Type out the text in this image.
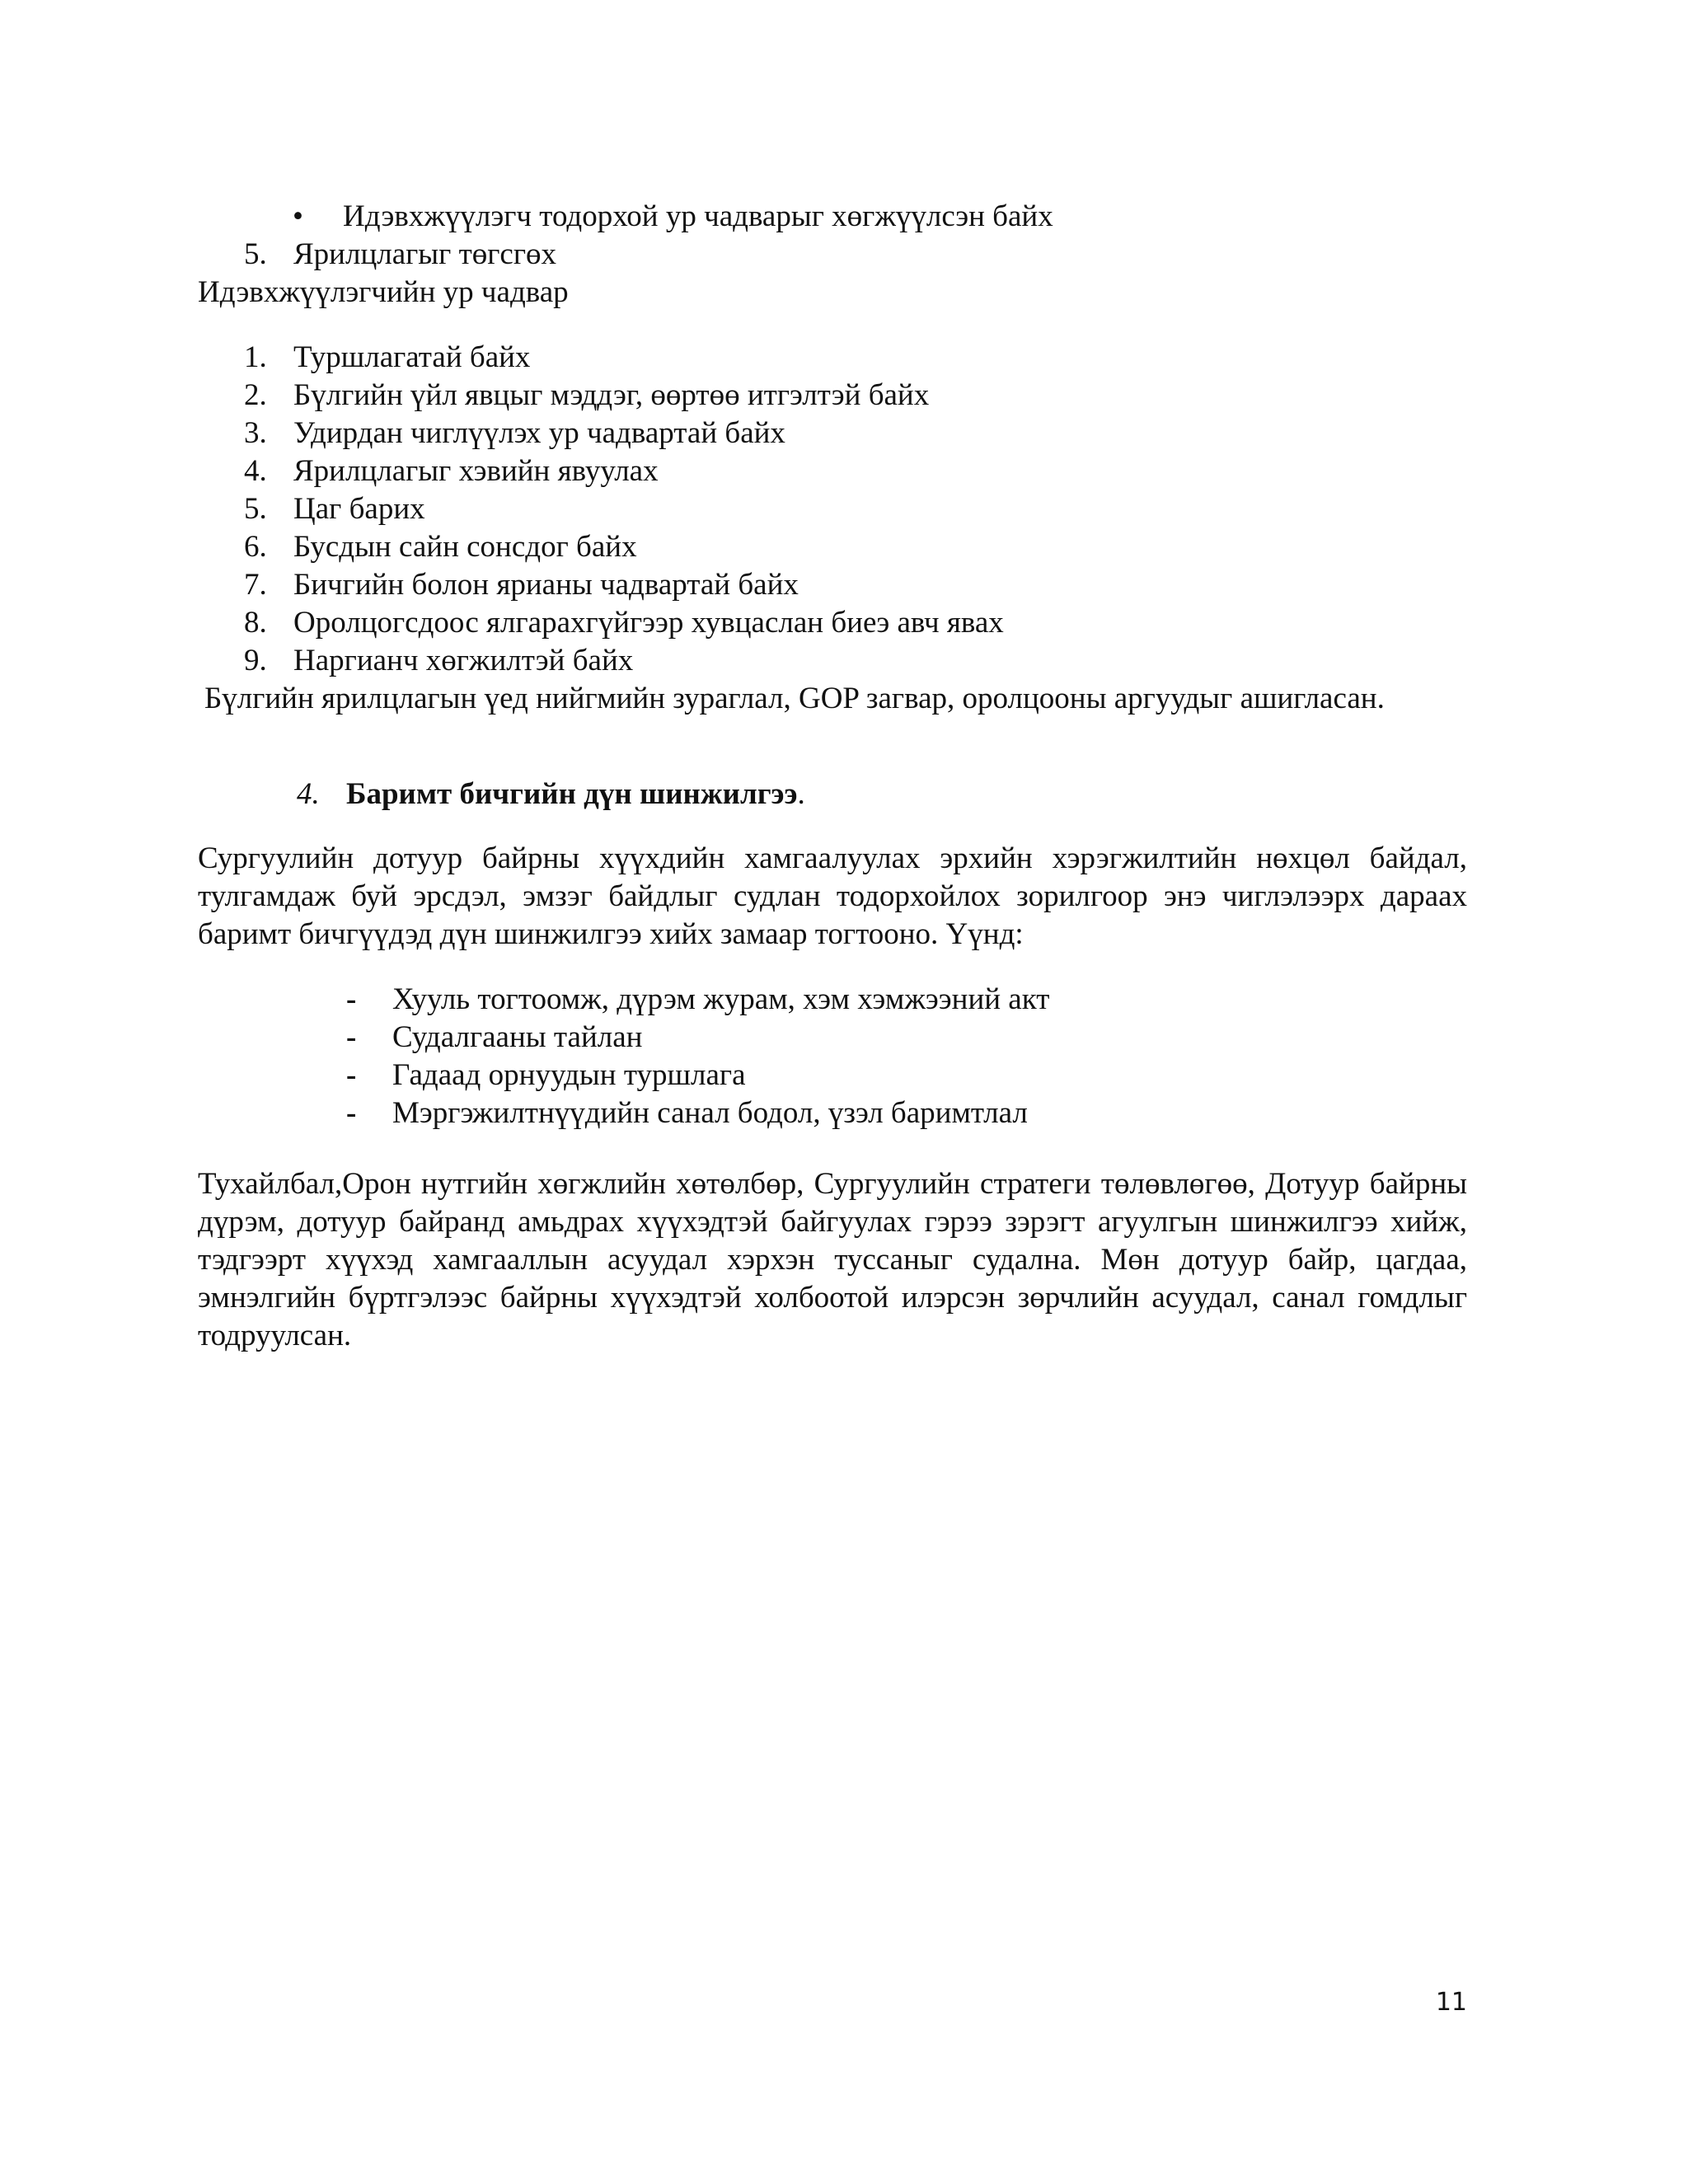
• Идэвхжүүлэгч тодорхой ур чадварыг хөгжүүлсэн байх
5. Ярилцлагыг төгсгөх
Идэвхжүүлэгчийн ур чадвар
1. Туршлагатай байх
2. Бүлгийн үйл явцыг мэддэг, өөртөө итгэлтэй байх
3. Удирдан чиглүүлэх ур чадвартай байх
4. Ярилцлагыг хэвийн явуулах
5. Цаг барих
6. Бусдын сайн сонсдог байх
7. Бичгийн болон ярианы чадвартай байх
8. Оролцогсдоос ялгарахгүйгээр хувцаслан биеэ авч явах
9. Наргианч хөгжилтэй байх

Бүлгийн ярилцлагын үед нийгмийн зураглал, GOP загвар, оролцооны аргуудыг ашигласан.

4. Баримт бичгийн дүн шинжилгээ.

Сургуулийн дотуур байрны хүүхдийн хамгаалуулах эрхийн хэрэгжилтийн нөхцөл байдал, тулгамдаж буй эрсдэл, эмзэг байдлыг судлан тодорхойлох зорилгоор энэ чиглэлээрх дараах баримт бичгүүдэд дүн шинжилгээ хийх замаар тогтооно. Үүнд:

- Хууль тогтоомж, дүрэм журам, хэм хэмжээний акт
- Судалгааны тайлан
- Гадаад орнуудын туршлага
- Мэргэжилтнүүдийн санал бодол, үзэл баримтлал

Тухайлбал,Орон нутгийн хөгжлийн хөтөлбөр, Сургуулийн стратеги төлөвлөгөө, Дотуур байрны дүрэм, дотуур байранд амьдрах хүүхэдтэй байгуулах гэрээ зэрэгт агуулгын шинжилгээ хийж, тэдгээрт хүүхэд хамгааллын асуудал хэрхэн туссаныг судална. Мөн дотуур байр, цагдаа, эмнэлгийн бүртгэлээс байрны хүүхэдтэй холбоотой илэрсэн зөрчлийн асуудал, санал гомдлыг тодруулсан.

11
